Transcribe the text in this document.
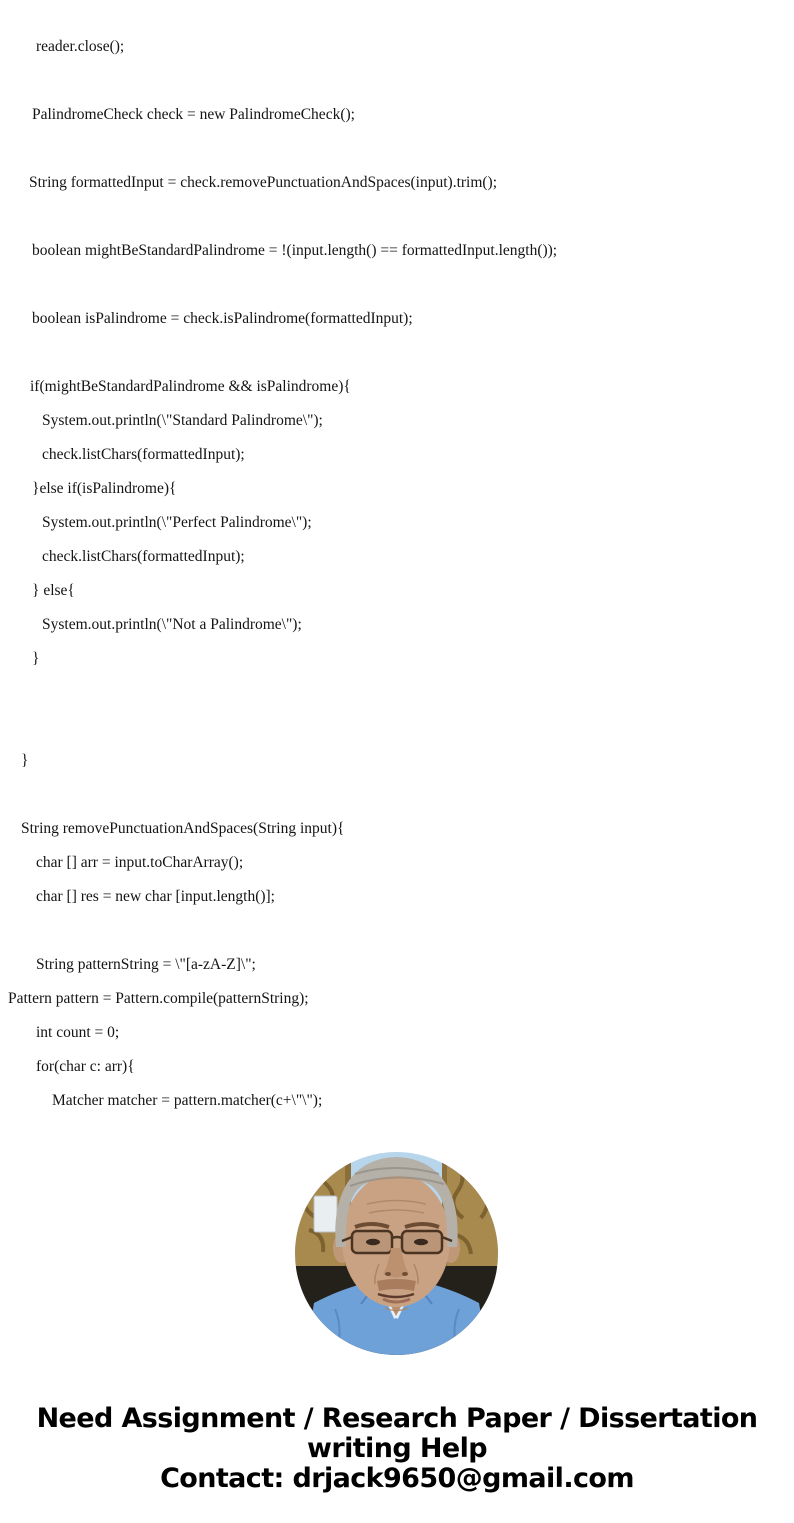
reader.close();

PalindromeCheck check = new PalindromeCheck();

String formattedInput = check.removePunctuationAndSpaces(input).trim();

boolean mightBeStandardPalindrome = !(input.length() == formattedInput.length());

boolean isPalindrome = check.isPalindrome(formattedInput);

if(mightBeStandardPalindrome && isPalindrome){
System.out.println(\"Standard Palindrome\");
check.listChars(formattedInput);
}else if(isPalindrome){
System.out.println(\"Perfect Palindrome\");
check.listChars(formattedInput);
} else{
System.out.println(\"Not a Palindrome\");
}

}

String removePunctuationAndSpaces(String input){
char [] arr = input.toCharArray();
char [] res = new char [input.length()];

String patternString = \"[a-zA-Z]\";
Pattern pattern = Pattern.compile(patternString);
int count = 0;
for(char c: arr){
Matcher matcher = pattern.matcher(c+\"\");
Need Assignment / Research Paper / Dissertation
writing Help
Contact: drjack9650@gmail.com
